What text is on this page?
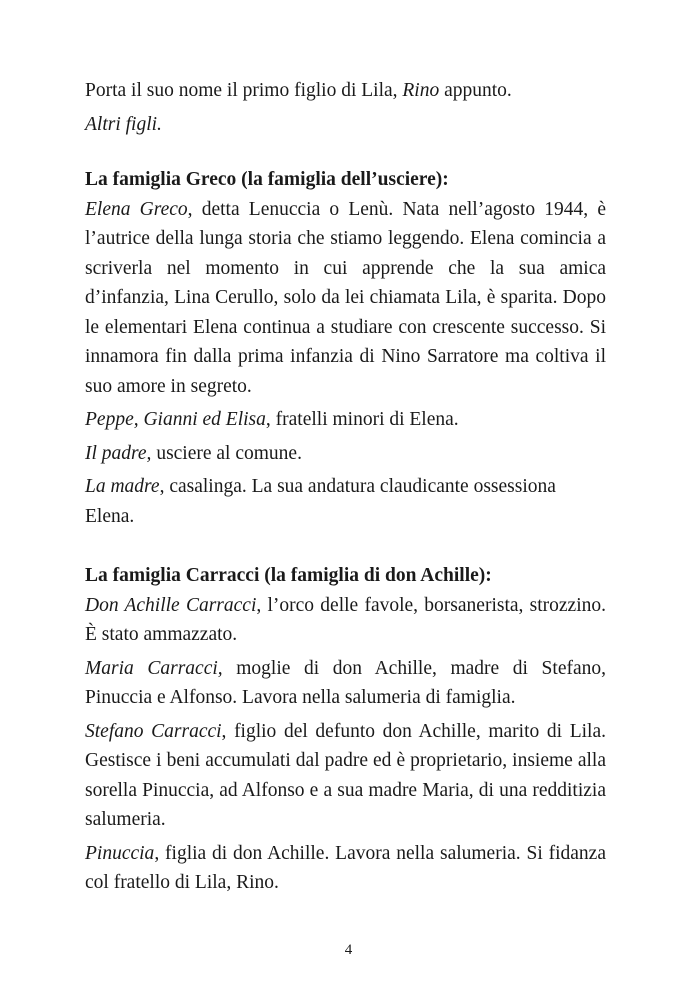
Porta il suo nome il primo figlio di Lila, Rino appunto.

Altri figli.

La famiglia Greco (la famiglia dell’usciere):

Elena Greco, detta Lenuccia o Lenù. Nata nell’agosto 1944, è l’autrice della lunga storia che stiamo leggendo. Elena comincia a scriverla nel momento in cui apprende che la sua amica d’infanzia, Lina Cerullo, solo da lei chiamata Lila, è sparita. Dopo le elementari Elena continua a studiare con crescente successo. Si innamora fin dalla prima infanzia di Nino Sarratore ma coltiva il suo amore in segreto.

Peppe, Gianni ed Elisa, fratelli minori di Elena.

Il padre, usciere al comune.

La madre, casalinga. La sua andatura claudicante ossessiona Elena.

La famiglia Carracci (la famiglia di don Achille):

Don Achille Carracci, l’orco delle favole, borsanerista, strozzino. È stato ammazzato.

Maria Carracci, moglie di don Achille, madre di Stefano, Pinuccia e Alfonso. Lavora nella salumeria di famiglia.

Stefano Carracci, figlio del defunto don Achille, marito di Lila. Gestisce i beni accumulati dal padre ed è proprietario, insieme alla sorella Pinuccia, ad Alfonso e a sua madre Maria, di una redditizia salumeria.

Pinuccia, figlia di don Achille. Lavora nella salumeria. Si fidanza col fratello di Lila, Rino.

4
